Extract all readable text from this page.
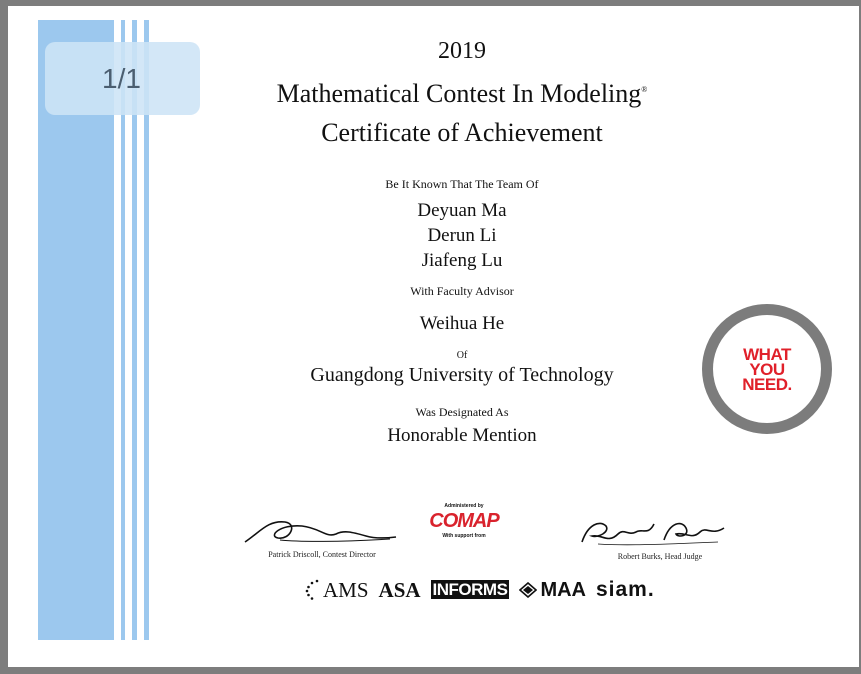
1/1
2019
Mathematical Contest In Modeling®
Certificate of Achievement
Be It Known That The Team Of
Deyuan Ma
Derun Li
Jiafeng Lu
With Faculty Advisor
Weihua He
Of
Guangdong University of Technology
Was Designated As
Honorable Mention
WHAT
YOU
NEED.
Patrick Driscoll, Contest Director
Administered by
COMAP
With support from
Robert Burks, Head Judge
AMS ASA INFORMS MAA siam.
